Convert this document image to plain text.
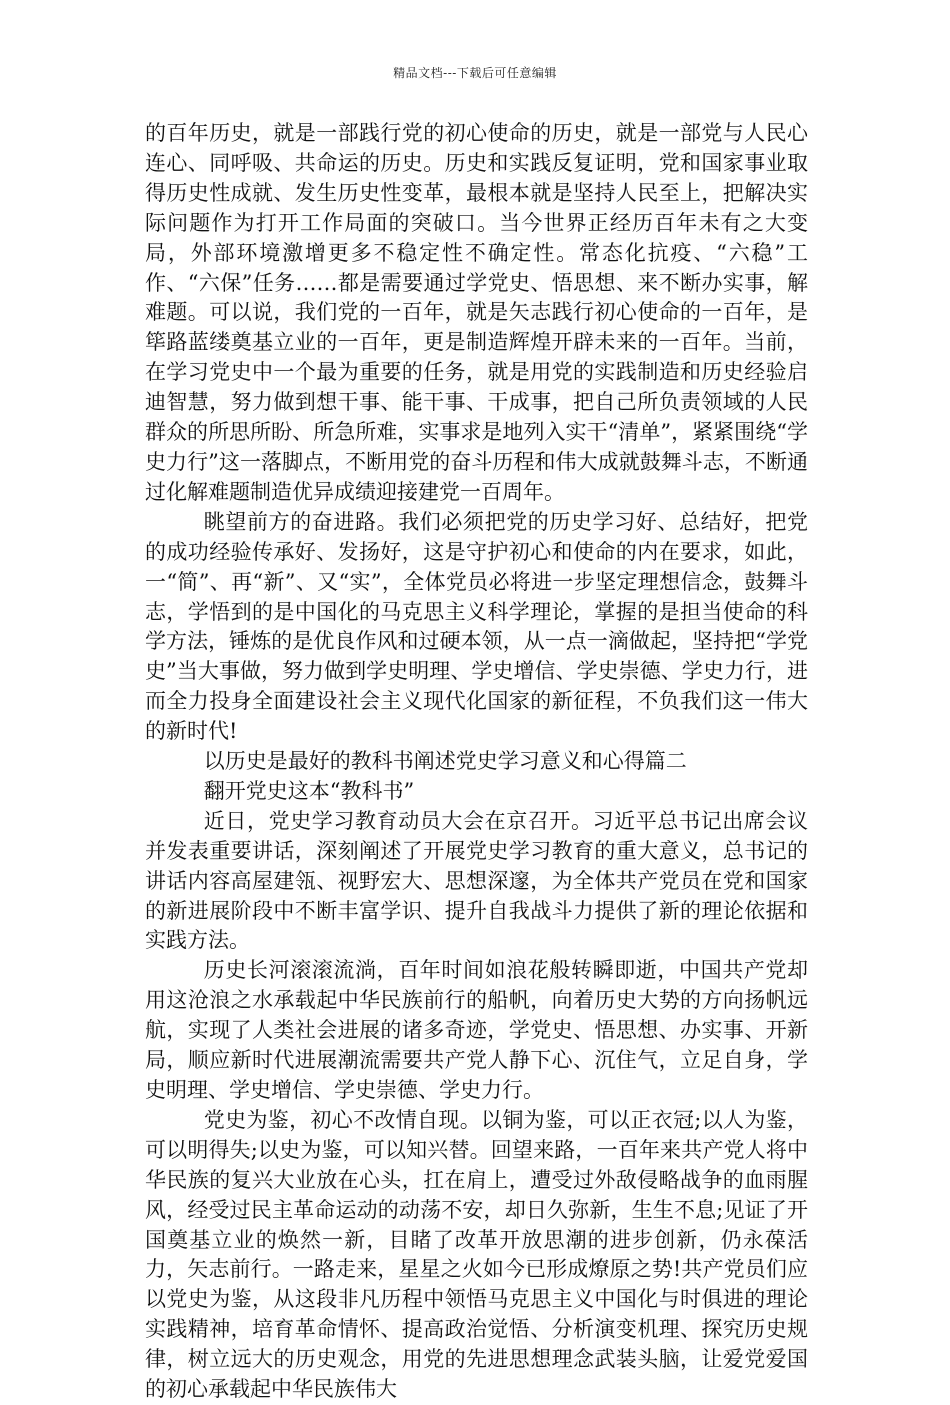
精品文档---下载后可任意编辑

的百年历史，就是一部践行党的初心使命的历史，就是一部党与人民心连心、同呼吸、共命运的历史。历史和实践反复证明，党和国家事业取得历史性成就、发生历史性变革，最根本就是坚持人民至上，把解决实际问题作为打开工作局面的突破口。当今世界正经历百年未有之大变局，外部环境激增更多不稳定性不确定性。常态化抗疫、“六稳”工作、“六保”任务……都是需要通过学党史、悟思想、来不断办实事，解难题。可以说，我们党的一百年，就是矢志践行初心使命的一百年，是筚路蓝缕奠基立业的一百年，更是制造辉煌开辟未来的一百年。当前，在学习党史中一个最为重要的任务，就是用党的实践制造和历史经验启迪智慧，努力做到想干事、能干事、干成事，把自己所负责领域的人民群众的所思所盼、所急所难，实事求是地列入实干“清单”，紧紧围绕“学史力行”这一落脚点，不断用党的奋斗历程和伟大成就鼓舞斗志，不断通过化解难题制造优异成绩迎接建党一百周年。

眺望前方的奋进路。我们必须把党的历史学习好、总结好，把党的成功经验传承好、发扬好，这是守护初心和使命的内在要求，如此，一“简”、再“新”、又“实”，全体党员必将进一步坚定理想信念，鼓舞斗志，学悟到的是中国化的马克思主义科学理论，掌握的是担当使命的科学方法，锤炼的是优良作风和过硬本领，从一点一滴做起，坚持把“学党史”当大事做，努力做到学史明理、学史增信、学史崇德、学史力行，进而全力投身全面建设社会主义现代化国家的新征程，不负我们这一伟大的新时代!

以历史是最好的教科书阐述党史学习意义和心得篇二

翻开党史这本“教科书”

近日，党史学习教育动员大会在京召开。习近平总书记出席会议并发表重要讲话，深刻阐述了开展党史学习教育的重大意义，总书记的讲话内容高屋建瓴、视野宏大、思想深邃，为全体共产党员在党和国家的新进展阶段中不断丰富学识、提升自我战斗力提供了新的理论依据和实践方法。

历史长河滚滚流淌，百年时间如浪花般转瞬即逝，中国共产党却用这沧浪之水承载起中华民族前行的船帆，向着历史大势的方向扬帆远航，实现了人类社会进展的诸多奇迹，学党史、悟思想、办实事、开新局，顺应新时代进展潮流需要共产党人静下心、沉住气，立足自身，学史明理、学史增信、学史崇德、学史力行。

党史为鉴，初心不改情自现。以铜为鉴，可以正衣冠;以人为鉴，可以明得失;以史为鉴，可以知兴替。回望来路，一百年来共产党人将中华民族的复兴大业放在心头，扛在肩上，遭受过外敌侵略战争的血雨腥风，经受过民主革命运动的动荡不安，却日久弥新，生生不息;见证了开国奠基立业的焕然一新，目睹了改革开放思潮的进步创新，仍永葆活力，矢志前行。一路走来，星星之火如今已形成燎原之势!共产党员们应以党史为鉴，从这段非凡历程中领悟马克思主义中国化与时俱进的理论实践精神，培育革命情怀、提高政治觉悟、分析演变机理、探究历史规律，树立远大的历史观念，用党的先进思想理念武装头脑，让爱党爱国的初心承载起中华民族伟大
